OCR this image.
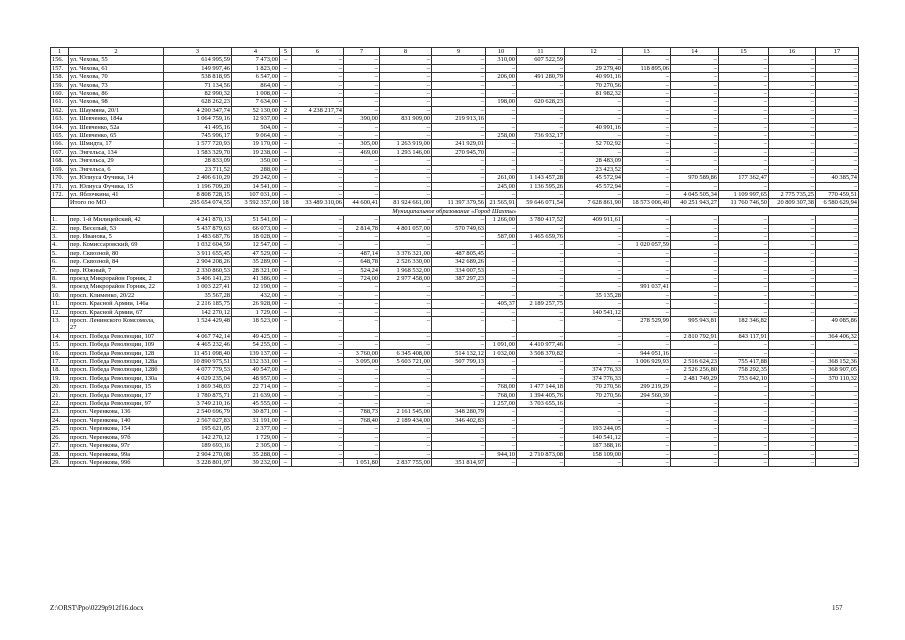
1	2	3	4	5	6	7	8	9	10	11	12	13	14	15	16	17
156.	ул. Чехова, 55	614 995,59	7 473,00	–	–	–	–	–	310,00	607 522,59	–	–	–	–	–	–
157.	ул. Чехова, 61	149 997,46	1 823,00	–	–	–	–	–	–	–	29 279,40	118 895,06	–	–	–	–
158.	ул. Чехова, 70	538 818,95	6 547,00	–	–	–	–	–	206,00	491 280,79	40 991,16	–	–	–	–	–
159.	ул. Чехова, 73	71 134,56	864,00	–	–	–	–	–	–	–	70 270,56	–	–	–	–	–
160.	ул. Чехова, 86	82 990,32	1 008,00	–	–	–	–	–	–	–	81 982,32	–	–	–	–	–
161.	ул. Чехова, 98	628 262,23	7 634,00	–	–	–	–	–	198,00	620 628,23	–	–	–	–	–	–
162.	ул. Шаумяна, 20/1	4 290 347,74	52 130,00	2	4 238 217,74	–	–	–	–	–	–	–	–	–	–	–
163.	ул. Шевченко, 184а	1 064 759,16	12 937,00	–	–	390,00	831 909,00	219 913,16	–	–	–	–	–	–	–	–
164.	ул. Шевченко, 52а	41 495,16	504,00	–	–	–	–	–	–	–	40 991,16	–	–	–	–	–
165.	ул. Шевченко, 65	745 996,17	9 064,00	–	–	–	–	–	258,00	736 932,17	–	–	–	–	–	–
166.	ул. Шмидта, 17	1 577 720,93	19 170,00	–	–	305,00	1 263 919,00	241 929,01	–	–	52 702,92	–	–	–	–	–
167.	ул. Энгельса, 134	1 583 329,70	19 238,00	–	–	469,00	1 293 146,00	270 945,70	–	–	–	–	–	–	–	–
168.	ул. Энгельса, 29	28 833,09	350,00	–	–	–	–	–	–	–	28 483,09	–	–	–	–	–
169.	ул. Энгельса, 6	23 711,52	288,00	–	–	–	–	–	–	–	23 423,52	–	–	–	–	–
170.	ул. Юлиуса Фучика, 14	2 406 610,29	29 242,00	–	–	–	–	–	261,00	1 143 457,28	45 572,94	–	970 589,86	177 362,47	–	40 385,74
171.	ул. Юлиуса Фучика, 15	1 196 709,20	14 541,00	–	–	–	–	–	245,00	1 136 595,26	45 572,94	–	–	–	–	–
172.	ул. Яблочкина, 41	8 808 728,15	107 031,00	–	–	–	–	–	–	–	–	–	4 045 505,34	1 109 997,65	2 775 735,25	770 459,51
	Итого по МО	295 654 074,55	3 592 357,00	18	33 489 310,06	44 600,41	81 924 661,00	11 397 379,56	21 565,91	59 646 071,54	7 628 861,90	18 573 006,40	40 251 943,27	11 760 746,50	20 809 307,38	6 580 629,94
Муниципальное образование «Город Шахты»																
1.	пер. 1-й Милицейский, 42	4 241 870,13	51 541,00	–	–	–	–	–	1 266,00	3 780 417,52	409 911,61	–	–	–	–	–
2.	пер. Веселый, 53	5 437 879,63	66 073,00	–	–	2 814,78	4 801 057,00	570 749,63	–	–	–	–	–	–	–	–
3.	пер. Иванова, 5	1 483 687,76	18 028,00	–	–	–	–	–	587,00	1 465 659,76	–	–	–	–	–	–
4.	пер. Комиссаровский, 69	1 032 604,59	12 547,00	–	–	–	–	–	–	–	–	1 020 057,59	–	–	–	–
5.	пер. Сквозной, 80	3 911 655,45	47 529,00	–	–	487,14	3 376 321,00	487 805,45	–	–	–	–	–	–	–	–
6.	пер. Сквозной, 84	2 904 208,26	35 289,00	–	–	648,78	2 526 330,00	342 689,26	–	–	–	–	–	–	–	–
7.	пер. Южный, 7	2 330 860,53	28 321,00	–	–	524,24	1 968 532,00	334 007,53	–	–	–	–	–	–	–	–
8.	проезд Микрорайон Горняк, 2	3 406 141,23	41 386,00	–	–	724,00	2 977 458,00	387 297,23	–	–	–	–	–	–	–	–
9.	проезд Микрорайон Горняк, 22	1 003 227,41	12 190,00	–	–	–	–	–	–	–	–	991 037,41	–	–	–	–
10.	просп. Клименко, 20/22	35 567,28	432,00	–	–	–	–	–	–	–	35 135,28	–	–	–	–	–
11.	просп. Красной Армии, 146а	2 216 185,75	26 928,00	–	–	–	–	–	405,37	2 189 257,75	–	–	–	–	–	–
12.	просп. Красной Армии, 67	142 270,12	1 729,00	–	–	–	–	–	–	–	140 541,12	–	–	–	–	–
13.	просп. Ленинского Комсомола, 27	1 524 429,48	18 523,00	–	–	–	–	–	–	–	–	278 529,99	995 943,81	182 346,82	–	49 085,86
14.	просп. Победа Революции, 107	4 067 742,14	49 425,00	–	–	–	–	–	–	–	–	–	2 810 792,91	843 117,91	–	364 406,32
15.	просп. Победа Революции, 109	4 465 232,46	54 255,00	–	–	–	–	–	1 091,00	4 410 977,46	–	–	–	–	–	–
16.	просп. Победа Революции, 128	11 451 098,40	139 137,00	–	–	3 760,00	6 345 408,00	514 132,12	1 032,00	3 508 370,82	–	944 051,16	–	–	–	–
17.	просп. Победа Революции, 128а	10 890 975,51	132 331,00	–	–	3 095,00	5 603 721,00	507 799,13	–	–	–	1 006 929,93	2 516 624,23	755 417,88	–	368 152,36
18.	просп. Победа Революции, 128б	4 077 779,53	49 547,00	–	–	–	–	–	–	–	374 776,33	–	2 526 256,80	758 292,35	–	368 907,05
19.	просп. Победа Революции, 130а	4 029 235,04	48 957,00	–	–	–	–	–	–	–	374 776,33	–	2 481 749,29	753 642,10	–	370 110,32
20.	просп. Победа Революции, 15	1 869 348,03	22 714,00	–	–	–	–	–	768,00	1 477 144,18	70 270,56	299 219,29	–	–	–	–
21.	просп. Победа Революции, 17	1 780 875,71	21 639,00	–	–	–	–	–	768,00	1 394 405,76	70 270,56	294 560,39	–	–	–	–
22.	просп. Победа Революции, 97	3 749 210,16	45 555,00	–	–	–	–	–	1 257,00	3 703 655,16	–	–	–	–	–	–
23.	просп. Черенкова, 136	2 540 696,79	30 871,00	–	–	788,73	2 161 545,00	348 280,79	–	–	–	–	–	–	–	–
24.	просп. Черенкова, 140	2 567 027,83	31 191,00	–	–	768,40	2 189 434,00	346 402,83	–	–	–	–	–	–	–	–
25.	просп. Черенкова, 154	195 621,05	2 377,00	–	–	–	–	–	–	–	193 244,05	–	–	–	–	–
26.	просп. Черенкова, 97б	142 270,12	1 729,00	–	–	–	–	–	–	–	140 541,12	–	–	–	–	–
27.	просп. Черенкова, 97г	189 693,16	2 305,00	–	–	–	–	–	–	–	187 388,16	–	–	–	–	–
28.	просп. Черенкова, 99а	2 904 270,08	35 288,00	–	–	–	–	–	944,10	2 710 873,08	158 109,00	–	–	–	–	–
29.	просп. Черенкова, 99б	3 228 801,97	39 232,00	–	–	1 051,80	2 837 755,00	351 814,97	–	–	–	–	–	–	–	–
Z:\ORST\Ppo\0229p912f16.docx	157
